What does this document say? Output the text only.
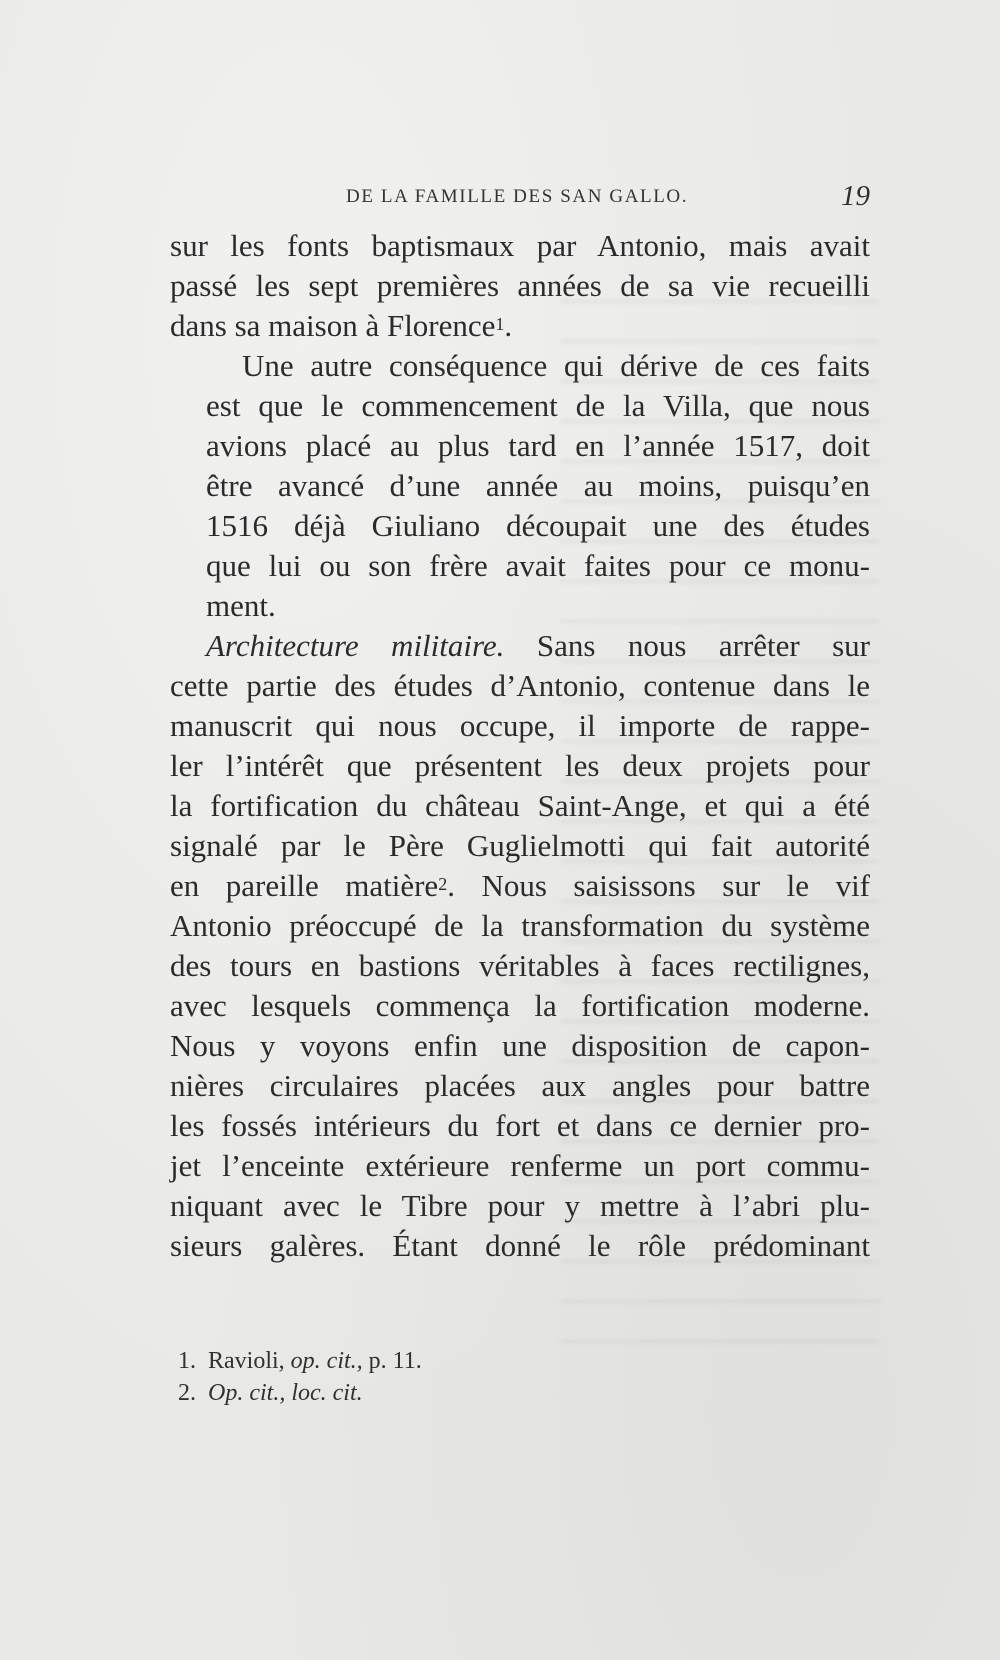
DE LA FAMILLE DES SAN GALLO.	19

sur les fonts baptismaux par Antonio, mais avait
passé les sept premières années de sa vie recueilli
dans sa maison à Florence$^1$.

Une autre conséquence qui dérive de ces faits
est que le commencement de la Villa, que nous
avions placé au plus tard en l’année 1517, doit
être avancé d’une année au moins, puisqu’en
1516 déjà Giuliano découpait une des études
que lui ou son frère avait faites pour ce monu-
ment.

Architecture militaire. Sans nous arrêter sur
cette partie des études d’Antonio, contenue dans le
manuscrit qui nous occupe, il importe de rappe-
ler l’intérêt que présentent les deux projets pour
la fortification du château Saint-Ange, et qui a été
signalé par le Père Guglielmotti qui fait autorité
en pareille matière$^2$. Nous saisissons sur le vif
Antonio préoccupé de la transformation du système
des tours en bastions véritables à faces rectilignes,
avec lesquels commença la fortification moderne.
Nous y voyons enfin une disposition de capon-
nières circulaires placées aux angles pour battre
les fossés intérieurs du fort et dans ce dernier pro-
jet l’enceinte extérieure renferme un port commu-
niquant avec le Tibre pour y mettre à l’abri plu-
sieurs galères. Étant donné le rôle prédominant

1. Ravioli, op. cit., p. 11.
2. Op. cit., loc. cit.
